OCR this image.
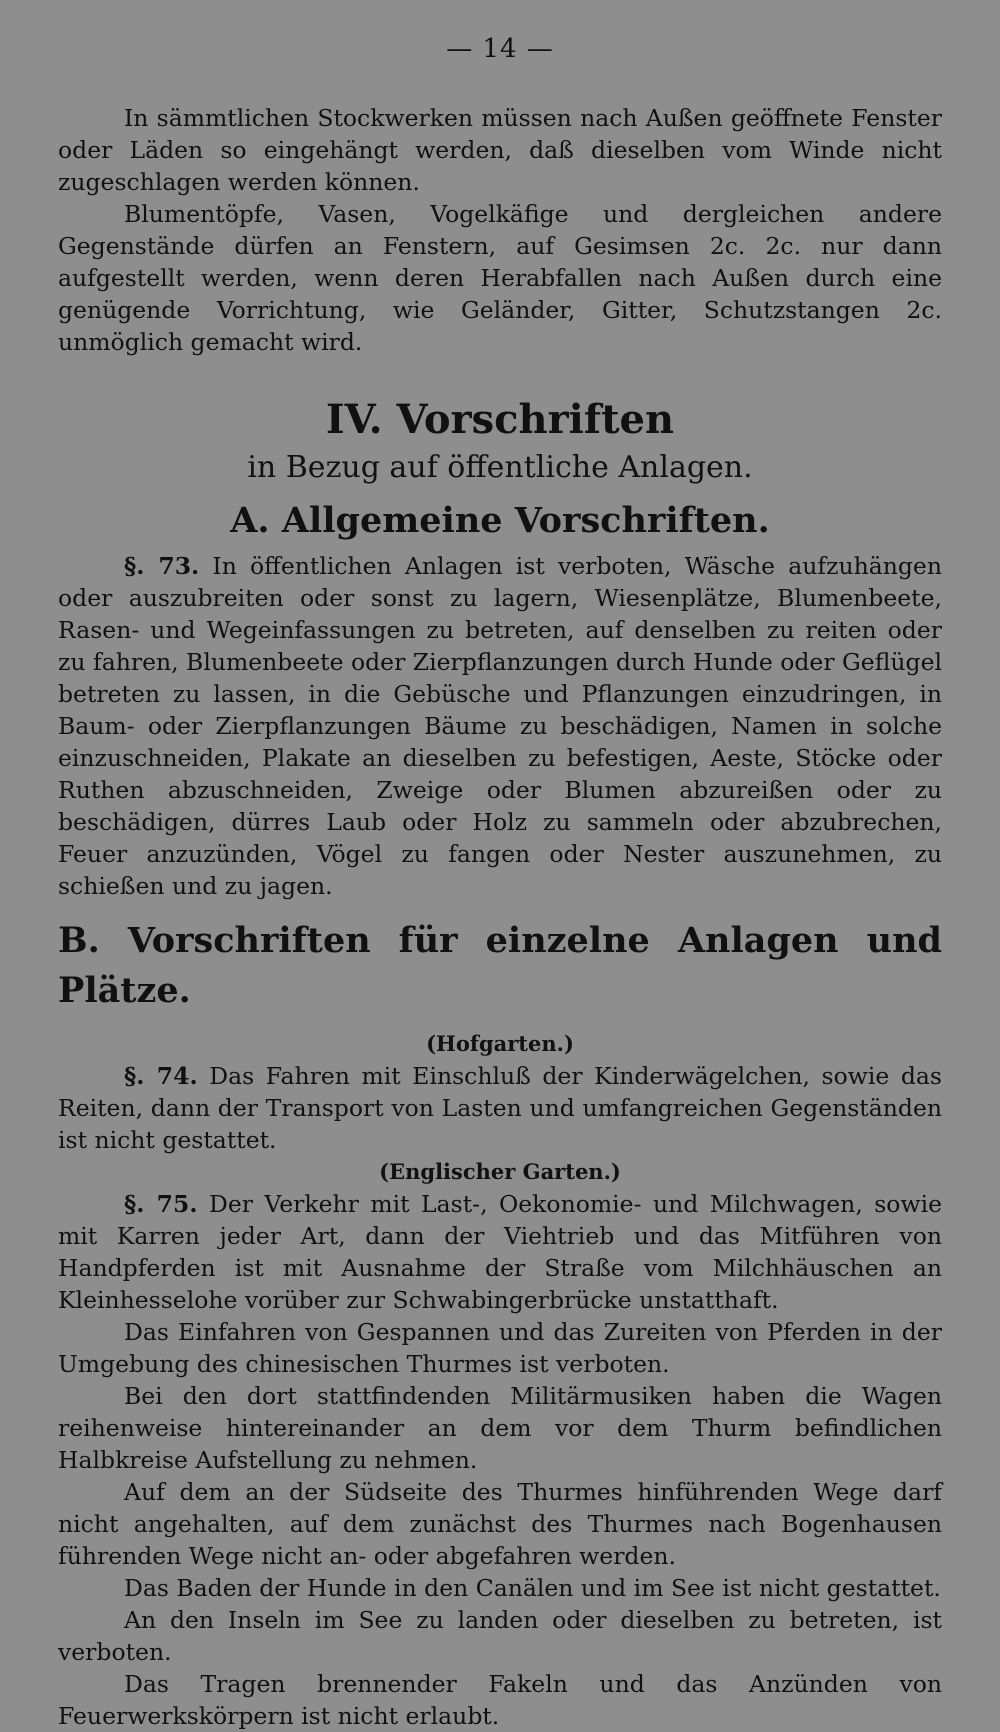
— 14 —

In sämmtlichen Stockwerken müssen nach Außen geöffnete Fenster oder Läden so eingehängt werden, daß dieselben vom Winde nicht zugeschlagen werden können.

Blumentöpfe, Vasen, Vogelkäfige und dergleichen andere Gegenstände dürfen an Fenstern, auf Gesimsen 2c. 2c. nur dann aufgestellt werden, wenn deren Herabfallen nach Außen durch eine genügende Vorrichtung, wie Geländer, Gitter, Schutzstangen 2c. unmöglich gemacht wird.

IV. Vorschriften
in Bezug auf öffentliche Anlagen.
A. Allgemeine Vorschriften.

§. 73. In öffentlichen Anlagen ist verboten, Wäsche aufzuhängen oder auszubreiten oder sonst zu lagern, Wiesenplätze, Blumenbeete, Rasen- und Wegeinfassungen zu betreten, auf denselben zu reiten oder zu fahren, Blumenbeete oder Zierpflanzungen durch Hunde oder Geflügel betreten zu lassen, in die Gebüsche und Pflanzungen einzudringen, in Baum- oder Zierpflanzungen Bäume zu beschädigen, Namen in solche einzuschneiden, Plakate an dieselben zu befestigen, Aeste, Stöcke oder Ruthen abzuschneiden, Zweige oder Blumen abzureißen oder zu beschädigen, dürres Laub oder Holz zu sammeln oder abzubrechen, Feuer anzuzünden, Vögel zu fangen oder Nester auszunehmen, zu schießen und zu jagen.

B. Vorschriften für einzelne Anlagen und Plätze.
(Hofgarten.)

§. 74. Das Fahren mit Einschluß der Kinderwägelchen, sowie das Reiten, dann der Transport von Lasten und umfangreichen Gegenständen ist nicht gestattet.

(Englischer Garten.)

§. 75. Der Verkehr mit Last-, Oekonomie- und Milchwagen, sowie mit Karren jeder Art, dann der Viehtrieb und das Mitführen von Handpferden ist mit Ausnahme der Straße vom Milchhäuschen an Kleinhesselohe vorüber zur Schwabingerbrücke unstatthaft.

Das Einfahren von Gespannen und das Zureiten von Pferden in der Umgebung des chinesischen Thurmes ist verboten.

Bei den dort stattfindenden Militärmusiken haben die Wagen reihenweise hintereinander an dem vor dem Thurm befindlichen Halbkreise Aufstellung zu nehmen.

Auf dem an der Südseite des Thurmes hinführenden Wege darf nicht angehalten, auf dem zunächst des Thurmes nach Bogenhausen führenden Wege nicht an- oder abgefahren werden.

Das Baden der Hunde in den Canälen und im See ist nicht gestattet.

An den Inseln im See zu landen oder dieselben zu betreten, ist verboten.

Das Tragen brennender Fakeln und das Anzünden von Feuerwerkskörpern ist nicht erlaubt.
